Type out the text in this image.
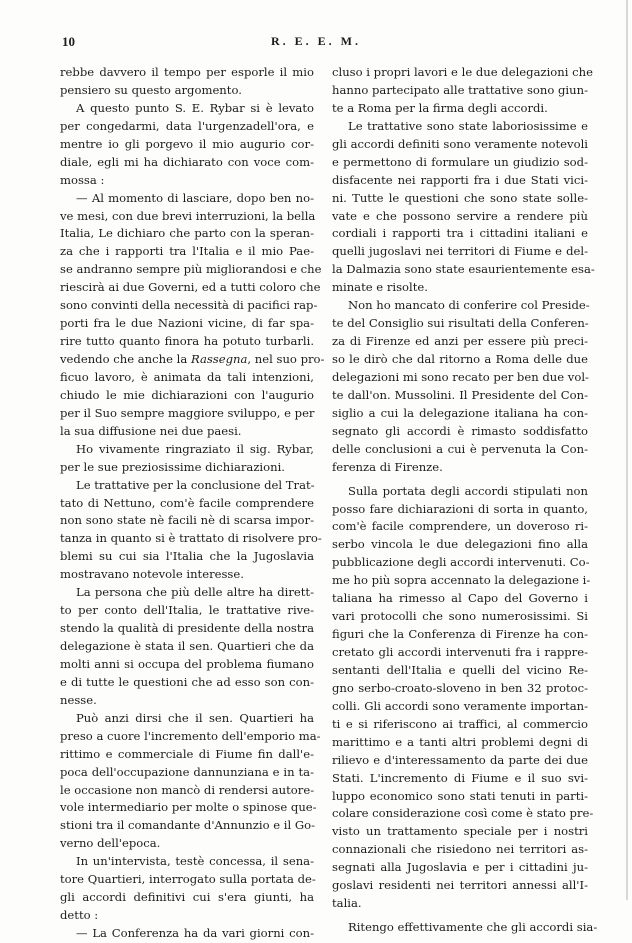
10	R. E. E. M.
rebbe davvero il tempo per esporle il mio
pensiero su questo argomento.
A questo punto S. E. Rybar si è levato
per congedarmi, data l'urgenzadell'ora, e
mentre io gli porgevo il mio augurio cor-
diale, egli mi ha dichiarato con voce com-
mossa :
— Al momento di lasciare, dopo ben no-
ve mesi, con due brevi interruzioni, la bella
Italia, Le dichiaro che parto con la speran-
za che i rapporti tra l'Italia e il mio Pae-
se andranno sempre più migliorandosi e che
riescirà ai due Governi, ed a tutti coloro che
sono convinti della necessità di pacifici rap-
porti fra le due Nazioni vicine, di far spa-
rire tutto quanto finora ha potuto turbarli.
vedendo che anche la Rassegna, nel suo pro-
ficuo lavoro, è animata da tali intenzioni,
chiudo le mie dichiarazioni con l'augurio
per il Suo sempre maggiore sviluppo, e per
la sua diffusione nei due paesi.
Ho vivamente ringraziato il sig. Rybar,
per le sue preziosissime dichiarazioni.
Le trattative per la conclusione del Trat-
tato di Nettuno, com'è facile comprendere
non sono state nè facili nè di scarsa impor-
tanza in quanto si è trattato di risolvere pro-
blemi su cui sia l'Italia che la Jugoslavia
mostravano notevole interesse.
La persona che più delle altre ha dirett-
to per conto dell'Italia, le trattative rive-
stendo la qualità di presidente della nostra
delegazione è stata il sen. Quartieri che da
molti anni si occupa del problema fiumano
e di tutte le questioni che ad esso son con-
nesse.
Può anzi dirsi che il sen. Quartieri ha
preso a cuore l'incremento dell'emporio ma-
rittimo e commerciale di Fiume fin dall'e-
poca dell'occupazione dannunziana e in ta-
le occasione non mancò di rendersi autore-
vole intermediario per molte o spinose que-
stioni tra il comandante d'Annunzio e il Go-
verno dell'epoca.
In un'intervista, testè concessa, il sena-
tore Quartieri, interrogato sulla portata de-
gli accordi definitivi cui s'era giunti, ha
detto :
— La Conferenza ha da vari giorni con-
cluso i propri lavori e le due delegazioni che
hanno partecipato alle trattative sono giun-
te a Roma per la firma degli accordi.
Le trattative sono state laboriosissime e
gli accordi definiti sono veramente notevoli
e permettono di formulare un giudizio sod-
disfacente nei rapporti fra i due Stati vici-
ni. Tutte le questioni che sono state solle-
vate e che possono servire a rendere più
cordiali i rapporti tra i cittadini italiani e
quelli jugoslavi nei territori di Fiume e del-
la Dalmazia sono state esaurientemente esa-
minate e risolte.
Non ho mancato di conferire col Preside-
te del Consiglio sui risultati della Conferen-
za di Firenze ed anzi per essere più preci-
so le dirò che dal ritorno a Roma delle due
delegazioni mi sono recato per ben due vol-
te dall'on. Mussolini. Il Presidente del Con-
siglio a cui la delegazione italiana ha con-
segnato gli accordi è rimasto soddisfatto
delle conclusioni a cui è pervenuta la Con-
ferenza di Firenze.
Sulla portata degli accordi stipulati non
posso fare dichiarazioni di sorta in quanto,
com'è facile comprendere, un doveroso ri-
serbo vincola le due delegazioni fino alla
pubblicazione degli accordi intervenuti. Co-
me ho più sopra accennato la delegazione i-
taliana ha rimesso al Capo del Governo i
vari protocolli che sono numerosissimi. Si
figuri che la Conferenza di Firenze ha con-
cretato gli accordi intervenuti fra i rappre-
sentanti dell'Italia e quelli del vicino Re-
gno serbo-croato-sloveno in ben 32 protoc-
colli. Gli accordi sono veramente importan-
ti e si riferiscono ai traffici, al commercio
marittimo e a tanti altri problemi degni di
rilievo e d'interessamento da parte dei due
Stati. L'incremento di Fiume e il suo svi-
luppo economico sono stati tenuti in parti-
colare considerazione così come è stato pre-
visto un trattamento speciale per i nostri
connazionali che risiedono nei territori as-
segnati alla Jugoslavia e per i cittadini ju-
goslavi residenti nei territori annessi all'I-
talia.
Ritengo effettivamente che gli accordi sia-
